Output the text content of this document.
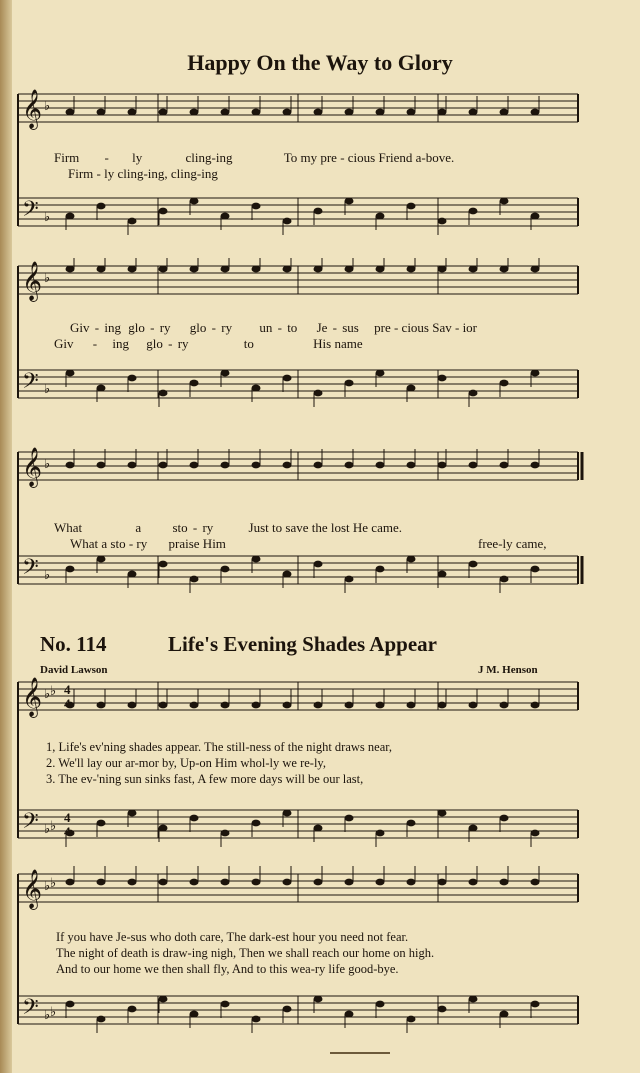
Happy On the Way to Glory
𝄞
𝄢
♭
♭
Firm - ly	cling-ing	To my pre - cious Friend a-bove.
Firm - ly cling-ing, cling-ing
𝄞
𝄢
♭
♭
Giv - ing glo - ry glo - ry un - to Je - sus pre - cious Sav - ior
Giv - ing glo - ry	to	His name
𝄞
𝄢
♭
♭
What	a sto - ry	Just to save the lost He came.
What a sto - ry praise Him	free-ly came,
No. 114	Life's Evening Shades Appear
David Lawson	J M. Henson
𝄞
𝄢
♭
♭
♭
♭
4
4
4
4
1, Life's ev'ning shades appear. The still-ness of the night draws near,
2. We'll lay our ar-mor by, Up-on Him whol-ly we re-ly,
3. The ev-'ning sun sinks fast, A few more days will be our last,
𝄞
𝄢
♭
♭
♭
♭
If you have Je-sus who doth care, The dark-est hour you need not fear.
The night of death is draw-ing nigh, Then we shall reach our home on high.
And to our home we then shall fly, And to this wea-ry life good-bye.
